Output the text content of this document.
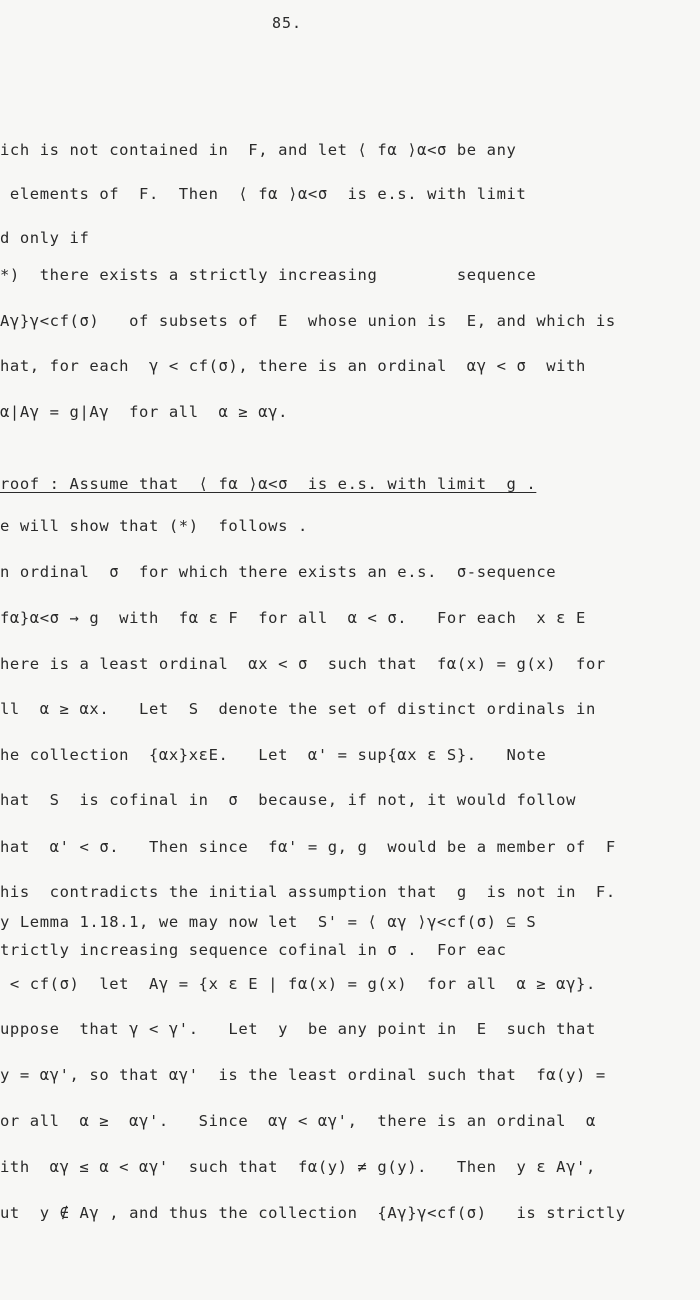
85.
ich is not contained in  F, and let ⟨ fα ⟩α<σ be any
elements of  F.  Then  ⟨ fα ⟩α<σ  is e.s. with limit
d only if
*)  there exists a strictly increasing        sequence
Aγ}γ<cf(σ)   of subsets of  E  whose union is  E, and which is
hat, for each  γ < cf(σ), there is an ordinal  αγ < σ  with
α|Aγ = g|Aγ  for all  α ≥ αγ.
roof : Assume that  ⟨ fα ⟩α<σ  is e.s. with limit  g .
e will show that (*)  follows .
n ordinal  σ  for which there exists an e.s.  σ-sequence
fα}α<σ → g  with  fα ε F  for all  α < σ.   For each  x ε E
here is a least ordinal  αx < σ  such that  fα(x) = g(x)  for
ll  α ≥ αx.   Let  S  denote the set of distinct ordinals in
he collection  {αx}xεE.   Let  α' = sup{αx ε S}.   Note
hat  S  is cofinal in  σ  because, if not, it would follow
hat  α' < σ.   Then since  fα' = g, g  would be a member of  F
his  contradicts the initial assumption that  g  is not in  F.
y Lemma 1.18.1, we may now let  S' = ⟨ αγ ⟩γ<cf(σ) ⊆ S
trictly increasing sequence cofinal in σ .  For eac
< cf(σ)  let  Aγ = {x ε E | fα(x) = g(x)  for all  α ≥ αγ}.
uppose  that γ < γ'.   Let  y  be any point in  E  such that
y = αγ', so that αγ'  is the least ordinal such that  fα(y) =
or all  α ≥  αγ'.   Since  αγ < αγ',  there is an ordinal  α
ith  αγ ≤ α < αγ'  such that  fα(y) ≠ g(y).   Then  y ε Aγ',
ut  y ∉ Aγ , and thus the collection  {Aγ}γ<cf(σ)   is strictly
